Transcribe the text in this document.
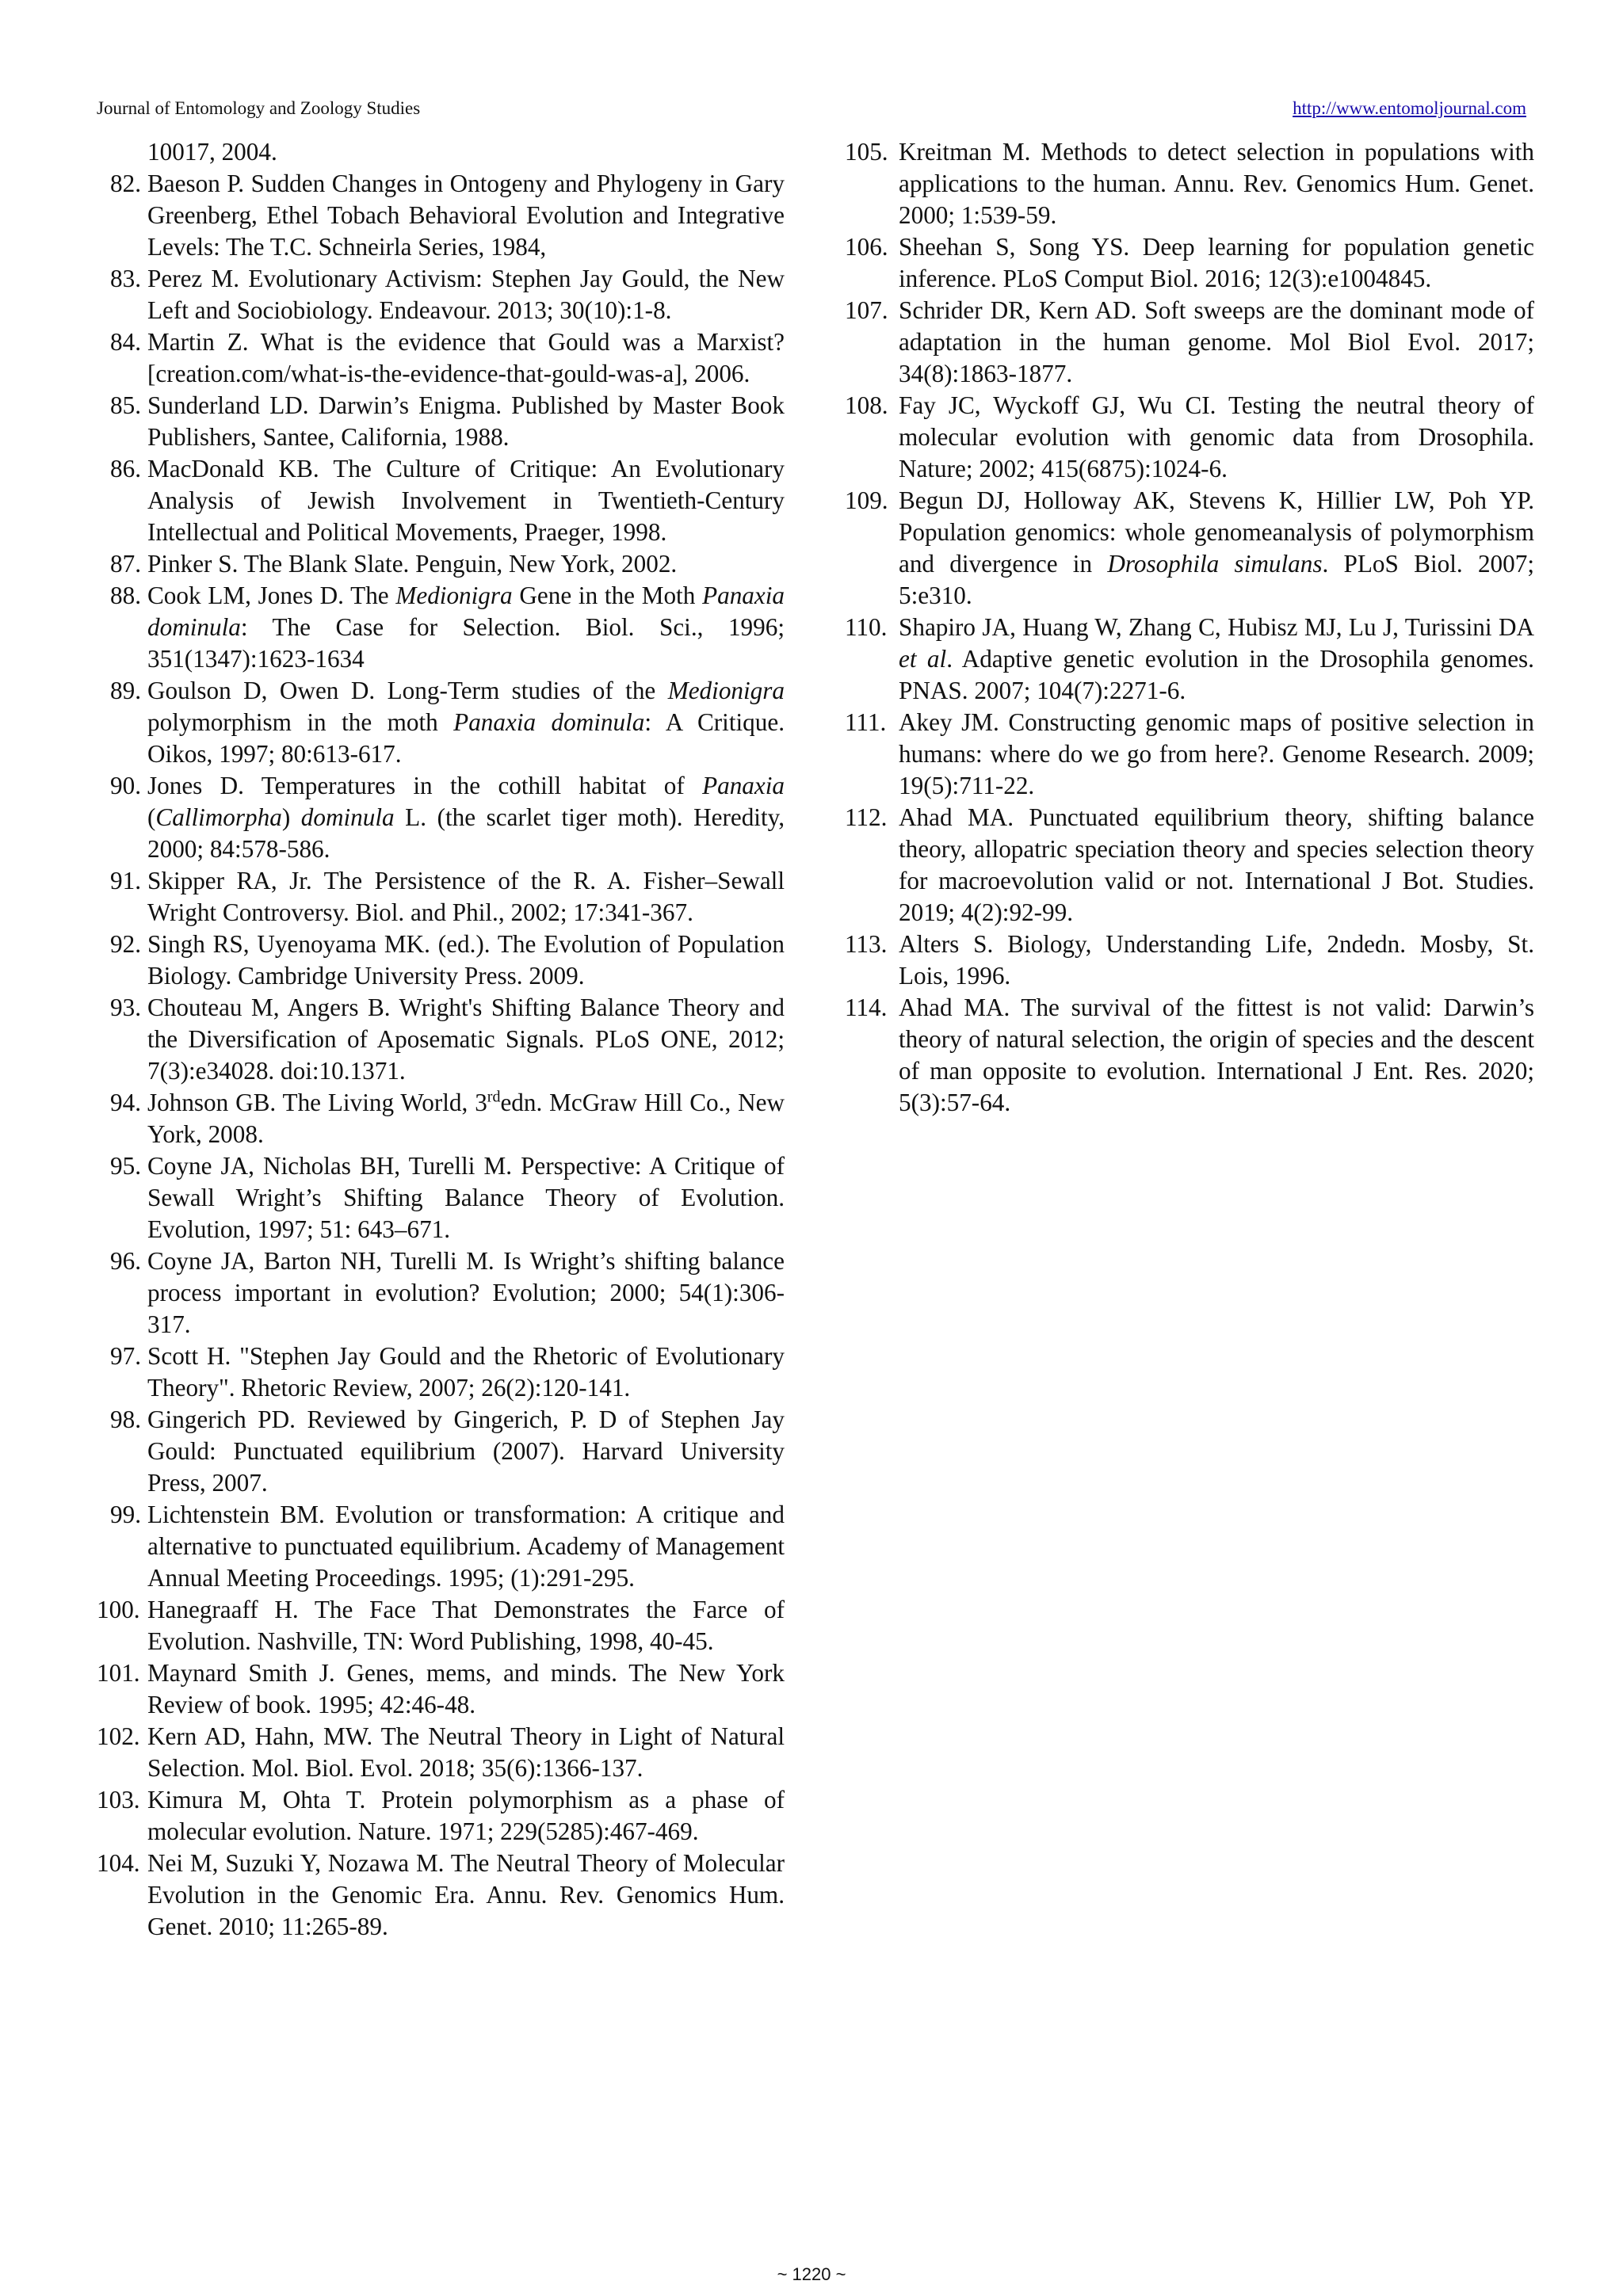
Journal of Entomology and Zoology Studies	http://www.entomoljournal.com
10017, 2004.
82. Baeson P. Sudden Changes in Ontogeny and Phylogeny in Gary Greenberg, Ethel Tobach Behavioral Evolution and Integrative Levels: The T.C. Schneirla Series, 1984,
83. Perez M. Evolutionary Activism: Stephen Jay Gould, the New Left and Sociobiology. Endeavour. 2013; 30(10):1-8.
84. Martin Z. What is the evidence that Gould was a Marxist? [creation.com/what-is-the-evidence-that-gould-was-a], 2006.
85. Sunderland LD. Darwin’s Enigma. Published by Master Book Publishers, Santee, California, 1988.
86. MacDonald KB. The Culture of Critique: An Evolutionary Analysis of Jewish Involvement in Twentieth-Century Intellectual and Political Movements, Praeger, 1998.
87. Pinker S. The Blank Slate. Penguin, New York, 2002.
88. Cook LM, Jones D. The Medionigra Gene in the Moth Panaxia dominula: The Case for Selection. Biol. Sci., 1996; 351(1347):1623-1634
89. Goulson D, Owen D. Long-Term studies of the Medionigra polymorphism in the moth Panaxia dominula: A Critique. Oikos, 1997; 80:613-617.
90. Jones D. Temperatures in the cothill habitat of Panaxia (Callimorpha) dominula L. (the scarlet tiger moth). Heredity, 2000; 84:578-586.
91. Skipper RA, Jr. The Persistence of the R. A. Fisher–Sewall Wright Controversy. Biol. and Phil., 2002; 17:341-367.
92. Singh RS, Uyenoyama MK. (ed.). The Evolution of Population Biology. Cambridge University Press. 2009.
93. Chouteau M, Angers B. Wright's Shifting Balance Theory and the Diversification of Aposematic Signals. PLoS ONE, 2012; 7(3):e34028. doi:10.1371.
94. Johnson GB. The Living World, 3rdedn. McGraw Hill Co., New York, 2008.
95. Coyne JA, Nicholas BH, Turelli M. Perspective: A Critique of Sewall Wright’s Shifting Balance Theory of Evolution. Evolution, 1997; 51: 643–671.
96. Coyne JA, Barton NH, Turelli M. Is Wright’s shifting balance process important in evolution? Evolution; 2000; 54(1):306-317.
97. Scott H. "Stephen Jay Gould and the Rhetoric of Evolutionary Theory". Rhetoric Review, 2007; 26(2):120-141.
98. Gingerich PD. Reviewed by Gingerich, P. D of Stephen Jay Gould: Punctuated equilibrium (2007). Harvard University Press, 2007.
99. Lichtenstein BM. Evolution or transformation: A critique and alternative to punctuated equilibrium. Academy of Management Annual Meeting Proceedings. 1995; (1):291-295.
100. Hanegraaff H. The Face That Demonstrates the Farce of Evolution. Nashville, TN: Word Publishing, 1998, 40-45.
101. Maynard Smith J. Genes, mems, and minds. The New York Review of book. 1995; 42:46-48.
102. Kern AD, Hahn, MW. The Neutral Theory in Light of Natural Selection. Mol. Biol. Evol. 2018; 35(6):1366-137.
103. Kimura M, Ohta T. Protein polymorphism as a phase of molecular evolution. Nature. 1971; 229(5285):467-469.
104. Nei M, Suzuki Y, Nozawa M. The Neutral Theory of Molecular Evolution in the Genomic Era. Annu. Rev. Genomics Hum. Genet. 2010; 11:265-89.
105. Kreitman M. Methods to detect selection in populations with applications to the human. Annu. Rev. Genomics Hum. Genet. 2000; 1:539-59.
106. Sheehan S, Song YS. Deep learning for population genetic inference. PLoS Comput Biol. 2016; 12(3):e1004845.
107. Schrider DR, Kern AD. Soft sweeps are the dominant mode of adaptation in the human genome. Mol Biol Evol. 2017; 34(8):1863-1877.
108. Fay JC, Wyckoff GJ, Wu CI. Testing the neutral theory of molecular evolution with genomic data from Drosophila. Nature; 2002; 415(6875):1024-6.
109. Begun DJ, Holloway AK, Stevens K, Hillier LW, Poh YP. Population genomics: whole genomeanalysis of polymorphism and divergence in Drosophila simulans. PLoS Biol. 2007; 5:e310.
110. Shapiro JA, Huang W, Zhang C, Hubisz MJ, Lu J, Turissini DA et al. Adaptive genetic evolution in the Drosophila genomes. PNAS. 2007; 104(7):2271-6.
111. Akey JM. Constructing genomic maps of positive selection in humans: where do we go from here?. Genome Research. 2009; 19(5):711-22.
112. Ahad MA. Punctuated equilibrium theory, shifting balance theory, allopatric speciation theory and species selection theory for macroevolution valid or not. International J Bot. Studies. 2019; 4(2):92-99.
113. Alters S. Biology, Understanding Life, 2ndedn. Mosby, St. Lois, 1996.
114. Ahad MA. The survival of the fittest is not valid: Darwin’s theory of natural selection, the origin of species and the descent of man opposite to evolution. International J Ent. Res. 2020; 5(3):57-64.
~ 1220 ~
